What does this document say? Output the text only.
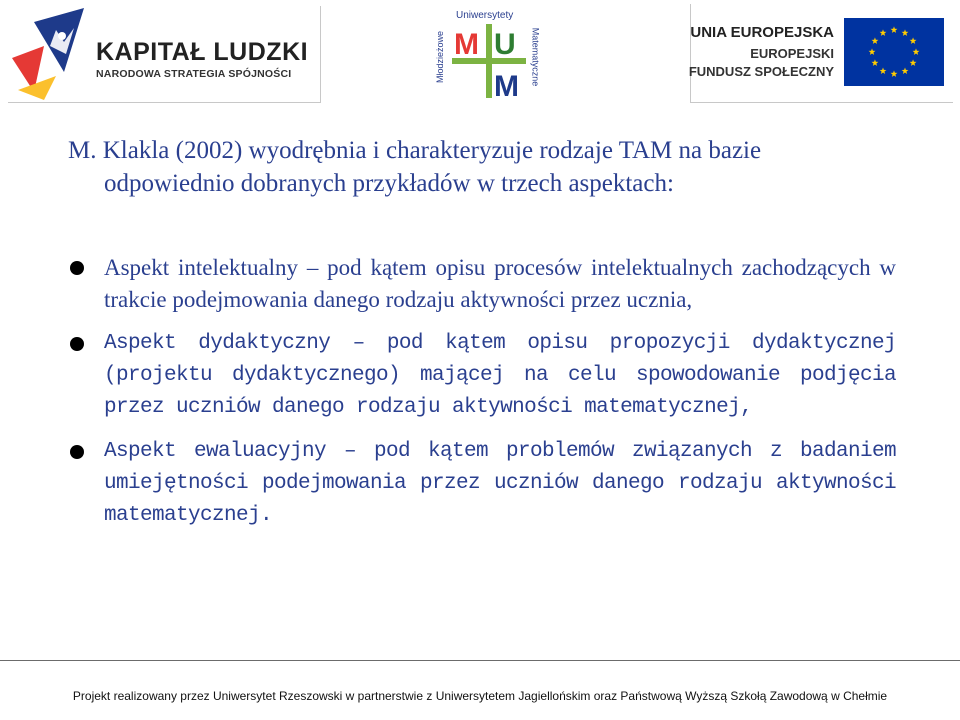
KAPITAŁ LUDZKI
NARODOWA STRATEGIA SPÓJNOŚCI
Uniwersytety
Młodzieżowe	Matematyczne
M U
M
UNIA EUROPEJSKA
EUROPEJSKI
FUNDUSZ SPOŁECZNY
M. Klakla (2002) wyodrębnia i charakteryzuje rodzaje TAM na bazie
odpowiednio dobranych przykładów w trzech aspektach:
Aspekt intelektualny – pod kątem opisu procesów intelektualnych zachodzących w trakcie podejmowania danego rodzaju aktywności przez ucznia,
Aspekt dydaktyczny – pod kątem opisu propozycji dydaktycznej (projektu dydaktycznego) mającej na celu spowodowanie podjęcia przez uczniów danego rodzaju aktywności matematycznej,
Aspekt ewaluacyjny – pod kątem problemów związanych z badaniem umiejętności podejmowania przez uczniów danego rodzaju aktywności matematycznej.
Projekt realizowany przez Uniwersytet Rzeszowski w partnerstwie z Uniwersytetem Jagiellońskim oraz Państwową Wyższą Szkołą Zawodową w Chełmie
